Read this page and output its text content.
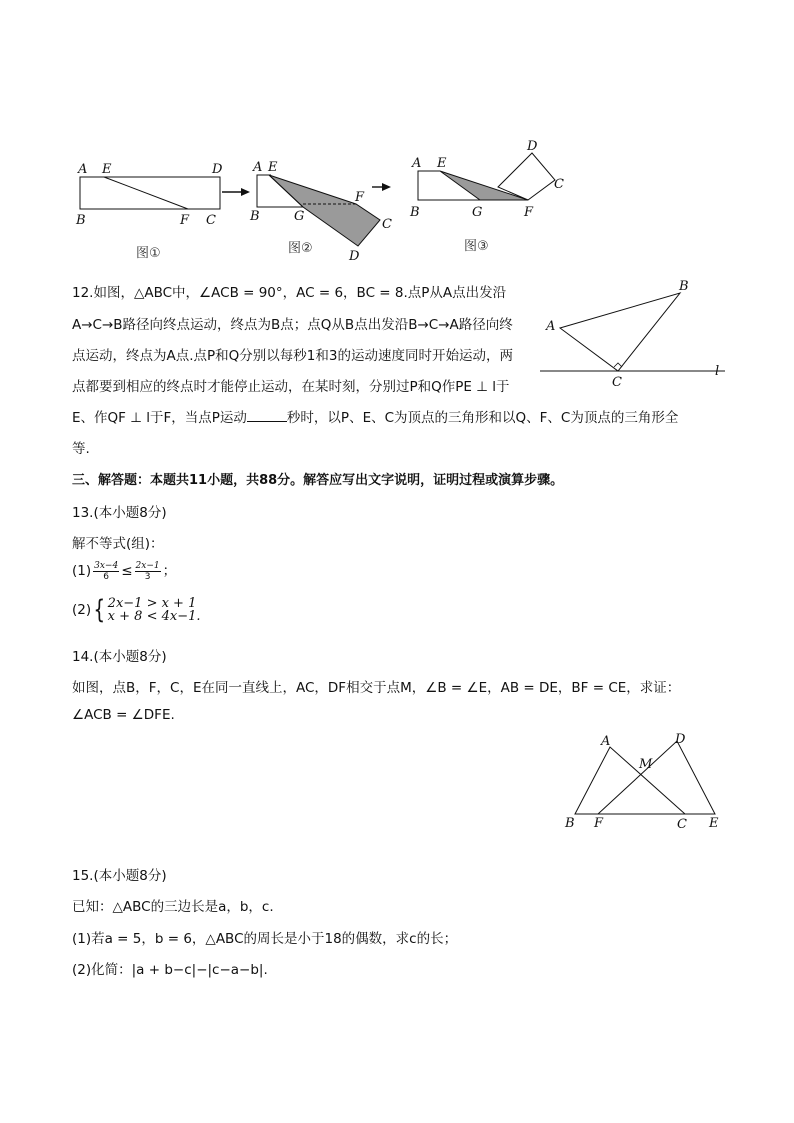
A E	D
B	F C
图①
A E
F
B	G
C
D
图②
A E
D
C
B	G	F
图③
12.如图，△ABC中，∠ACB = 90°，AC = 6，BC = 8.点P从A点出发沿
A→C→B路径向终点运动，终点为B点；点Q从B点出发沿B→C→A路径向终
点运动，终点为A点.点P和Q分别以每秒1和3的运动速度同时开始运动，两
点都要到相应的终点时才能停止运动，在某时刻，分别过P和Q作PE ⊥ l于
E、作QF ⊥ l于F，当点P运动	秒时，以P、E、C为顶点的三角形和以Q、F、C为顶点的三角形全
等.
B
A
C
l
三、解答题：本题共11小题，共88分。解答应写出文字说明，证明过程或演算步骤。
13.(本小题8分)
解不等式(组)：
$(1) \frac{3x-4}{6} \le \frac{2x-1}{3}$ ；
(2){ 2x−1 > x + 1
x + 8 < 4x−1.
14.(本小题8分)
如图，点B，F，C，E在同一直线上，AC，DF相交于点M，∠B = ∠E，AB = DE，BF = CE，求证：
∠ACB = ∠DFE.
A	D
M
B F	C E
15.(本小题8分)
已知：△ABC的三边长是a，b，c.
(1)若a = 5，b = 6，△ABC的周长是小于18的偶数，求c的长；
(2)化简：|a + b−c|−|c−a−b|.
